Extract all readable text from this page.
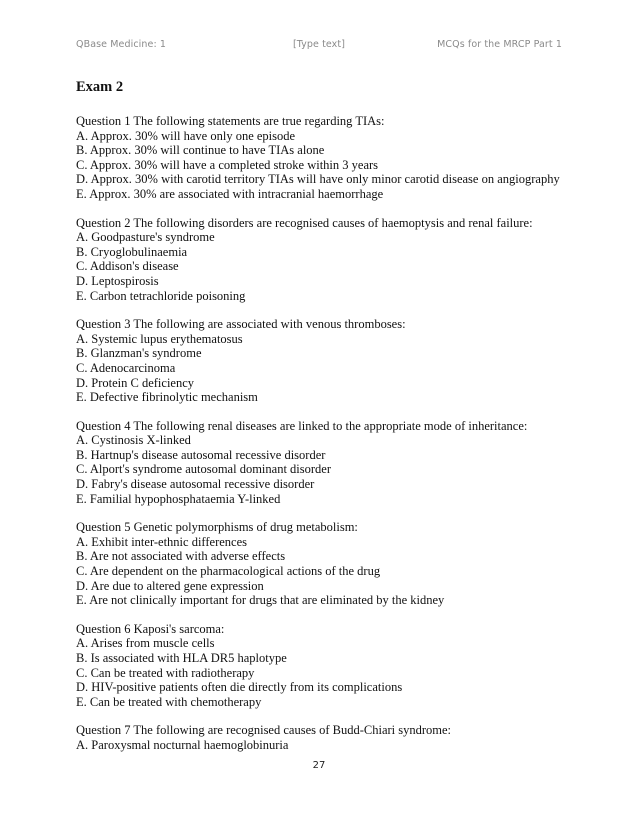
QBase Medicine: 1	[Type text]	MCQs for the MRCP Part 1
Exam 2
Question 1 The following statements are true regarding TIAs:
A. Approx. 30% will have only one episode
B. Approx. 30% will continue to have TIAs alone
C. Approx. 30% will have a completed stroke within 3 years
D. Approx. 30% with carotid territory TIAs will have only minor carotid disease on angiography
E. Approx. 30% are associated with intracranial haemorrhage
Question 2 The following disorders are recognised causes of haemoptysis and renal failure:
A. Goodpasture's syndrome
B. Cryoglobulinaemia
C. Addison's disease
D. Leptospirosis
E. Carbon tetrachloride poisoning
Question 3 The following are associated with venous thromboses:
A. Systemic lupus erythematosus
B. Glanzman's syndrome
C. Adenocarcinoma
D. Protein C deficiency
E. Defective fibrinolytic mechanism
Question 4 The following renal diseases are linked to the appropriate mode of inheritance:
A. Cystinosis X-linked
B. Hartnup's disease autosomal recessive disorder
C. Alport's syndrome autosomal dominant disorder
D. Fabry's disease autosomal recessive disorder
E. Familial hypophosphataemia Y-linked
Question 5 Genetic polymorphisms of drug metabolism:
A. Exhibit inter-ethnic differences
B. Are not associated with adverse effects
C. Are dependent on the pharmacological actions of the drug
D. Are due to altered gene expression
E. Are not clinically important for drugs that are eliminated by the kidney
Question 6 Kaposi's sarcoma:
A. Arises from muscle cells
B. Is associated with HLA DR5 haplotype
C. Can be treated with radiotherapy
D. HIV-positive patients often die directly from its complications
E. Can be treated with chemotherapy
Question 7 The following are recognised causes of Budd-Chiari syndrome:
A. Paroxysmal nocturnal haemoglobinuria
27
